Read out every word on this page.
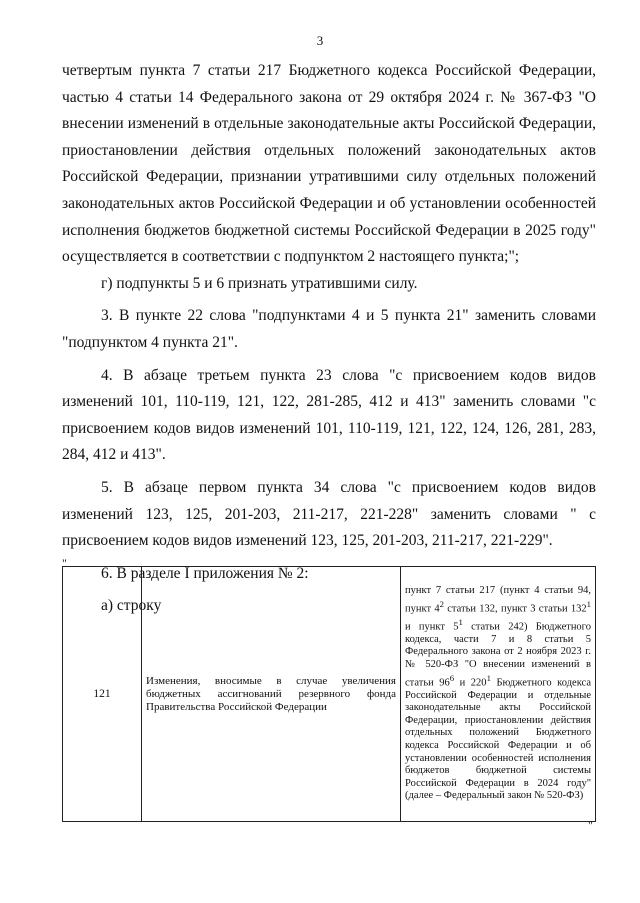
3

четвертым пункта 7 статьи 217 Бюджетного кодекса Российской Федерации, частью 4 статьи 14 Федерального закона от 29 октября 2024 г. № 367-ФЗ "О внесении изменений в отдельные законодательные акты Российской Федерации, приостановлении действия отдельных положений законодательных актов Российской Федерации, признании утратившими силу отдельных положений законодательных актов Российской Федерации и об установлении особенностей исполнения бюджетов бюджетной системы Российской Федерации в 2025 году" осуществляется в соответствии с подпунктом 2 настоящего пункта;";

г) подпункты 5 и 6 признать утратившими силу.

3. В пункте 22 слова "подпунктами 4 и 5 пункта 21" заменить словами "подпунктом 4 пункта 21".

4. В абзаце третьем пункта 23 слова "с присвоением кодов видов изменений 101, 110-119, 121, 122, 281-285, 412 и 413" заменить словами "с присвоением кодов видов изменений 101, 110-119, 121, 122, 124, 126, 281, 283, 284, 412 и 413".

5. В абзаце первом пункта 34 слова "с присвоением кодов видов изменений 123, 125, 201-203, 211-217, 221-228" заменить словами " с присвоением кодов видов изменений 123, 125, 201-203, 211-217, 221-229".

6. В разделе I приложения № 2:

а) строку

"
121	Изменения, вносимые в случае увеличения бюджетных ассигнований резервного фонда Правительства Российской Федерации	пункт 7 статьи 217 (пункт 4 статьи 94, пункт $4^2$ статьи 132, пункт 3 статьи $132^1$ и пункт $5^1$ статьи 242) Бюджетного кодекса, части 7 и 8 статьи 5 Федерального закона от 2 ноября 2023 г. № 520-ФЗ "О внесении изменений в статьи $96^6$ и $220^1$ Бюджетного кодекса Российской Федерации и отдельные законодательные акты Российской Федерации, приостановлении действия отдельных положений Бюджетного кодекса Российской Федерации и об установлении особенностей исполнения бюджетов бюджетной системы Российской Федерации в 2024 году" (далее – Федеральный закон № 520-ФЗ)
"
